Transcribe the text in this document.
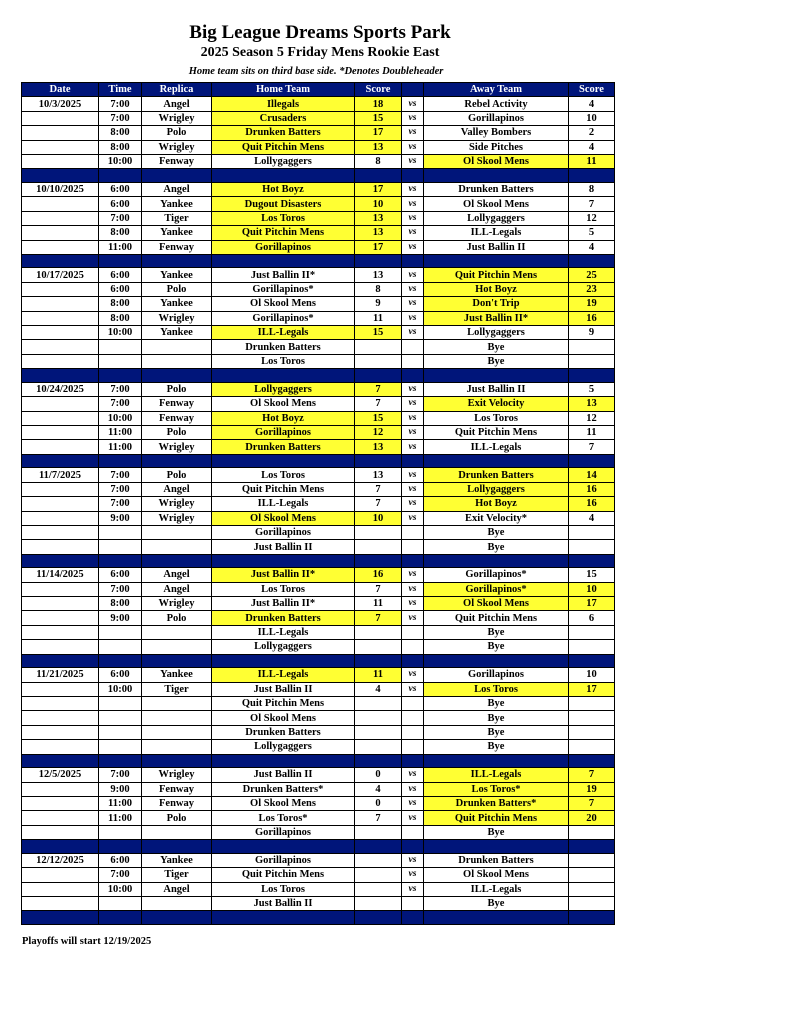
Big League Dreams Sports Park
2025 Season 5 Friday Mens Rookie East
Home team sits on third base side. *Denotes Doubleheader
Date	Time	Replica	Home Team	Score		Away Team	Score
10/3/2025	7:00	Angel	Illegals	18	vs	Rebel Activity	4
	7:00	Wrigley	Crusaders	15	vs	Gorillapinos	10
	8:00	Polo	Drunken Batters	17	vs	Valley Bombers	2
	8:00	Wrigley	Quit Pitchin Mens	13	vs	Side Pitches	4
	10:00	Fenway	Lollygaggers	8	vs	Ol Skool Mens	11

10/10/2025	6:00	Angel	Hot Boyz	17	vs	Drunken Batters	8
	6:00	Yankee	Dugout Disasters	10	vs	Ol Skool Mens	7
	7:00	Tiger	Los Toros	13	vs	Lollygaggers	12
	8:00	Yankee	Quit Pitchin Mens	13	vs	ILL-Legals	5
	11:00	Fenway	Gorillapinos	17	vs	Just Ballin II	4

10/17/2025	6:00	Yankee	Just Ballin II*	13	vs	Quit Pitchin Mens	25
	6:00	Polo	Gorillapinos*	8	vs	Hot Boyz	23
	8:00	Yankee	Ol Skool Mens	9	vs	Don't Trip	19
	8:00	Wrigley	Gorillapinos*	11	vs	Just Ballin II*	16
	10:00	Yankee	ILL-Legals	15	vs	Lollygaggers	9
			Drunken Batters			Bye	
			Los Toros			Bye	

10/24/2025	7:00	Polo	Lollygaggers	7	vs	Just Ballin II	5
	7:00	Fenway	Ol Skool Mens	7	vs	Exit Velocity	13
	10:00	Fenway	Hot Boyz	15	vs	Los Toros	12
	11:00	Polo	Gorillapinos	12	vs	Quit Pitchin Mens	11
	11:00	Wrigley	Drunken Batters	13	vs	ILL-Legals	7

11/7/2025	7:00	Polo	Los Toros	13	vs	Drunken Batters	14
	7:00	Angel	Quit Pitchin Mens	7	vs	Lollygaggers	16
	7:00	Wrigley	ILL-Legals	7	vs	Hot Boyz	16
	9:00	Wrigley	Ol Skool Mens	10	vs	Exit Velocity*	4
			Gorillapinos			Bye	
			Just Ballin II			Bye	

11/14/2025	6:00	Angel	Just Ballin II*	16	vs	Gorillapinos*	15
	7:00	Angel	Los Toros	7	vs	Gorillapinos*	10
	8:00	Wrigley	Just Ballin II*	11	vs	Ol Skool Mens	17
	9:00	Polo	Drunken Batters	7	vs	Quit Pitchin Mens	6
			ILL-Legals			Bye	
			Lollygaggers			Bye	

11/21/2025	6:00	Yankee	ILL-Legals	11	vs	Gorillapinos	10
	10:00	Tiger	Just Ballin II	4	vs	Los Toros	17
			Quit Pitchin Mens			Bye	
			Ol Skool Mens			Bye	
			Drunken Batters			Bye	
			Lollygaggers			Bye	

12/5/2025	7:00	Wrigley	Just Ballin II	0	vs	ILL-Legals	7
	9:00	Fenway	Drunken Batters*	4	vs	Los Toros*	19
	11:00	Fenway	Ol Skool Mens	0	vs	Drunken Batters*	7
	11:00	Polo	Los Toros*	7	vs	Quit Pitchin Mens	20
			Gorillapinos			Bye	

12/12/2025	6:00	Yankee	Gorillapinos		vs	Drunken Batters	
	7:00	Tiger	Quit Pitchin Mens		vs	Ol Skool Mens	
	10:00	Angel	Los Toros		vs	ILL-Legals	
			Just Ballin II			Bye	

Playoffs will start 12/19/2025
